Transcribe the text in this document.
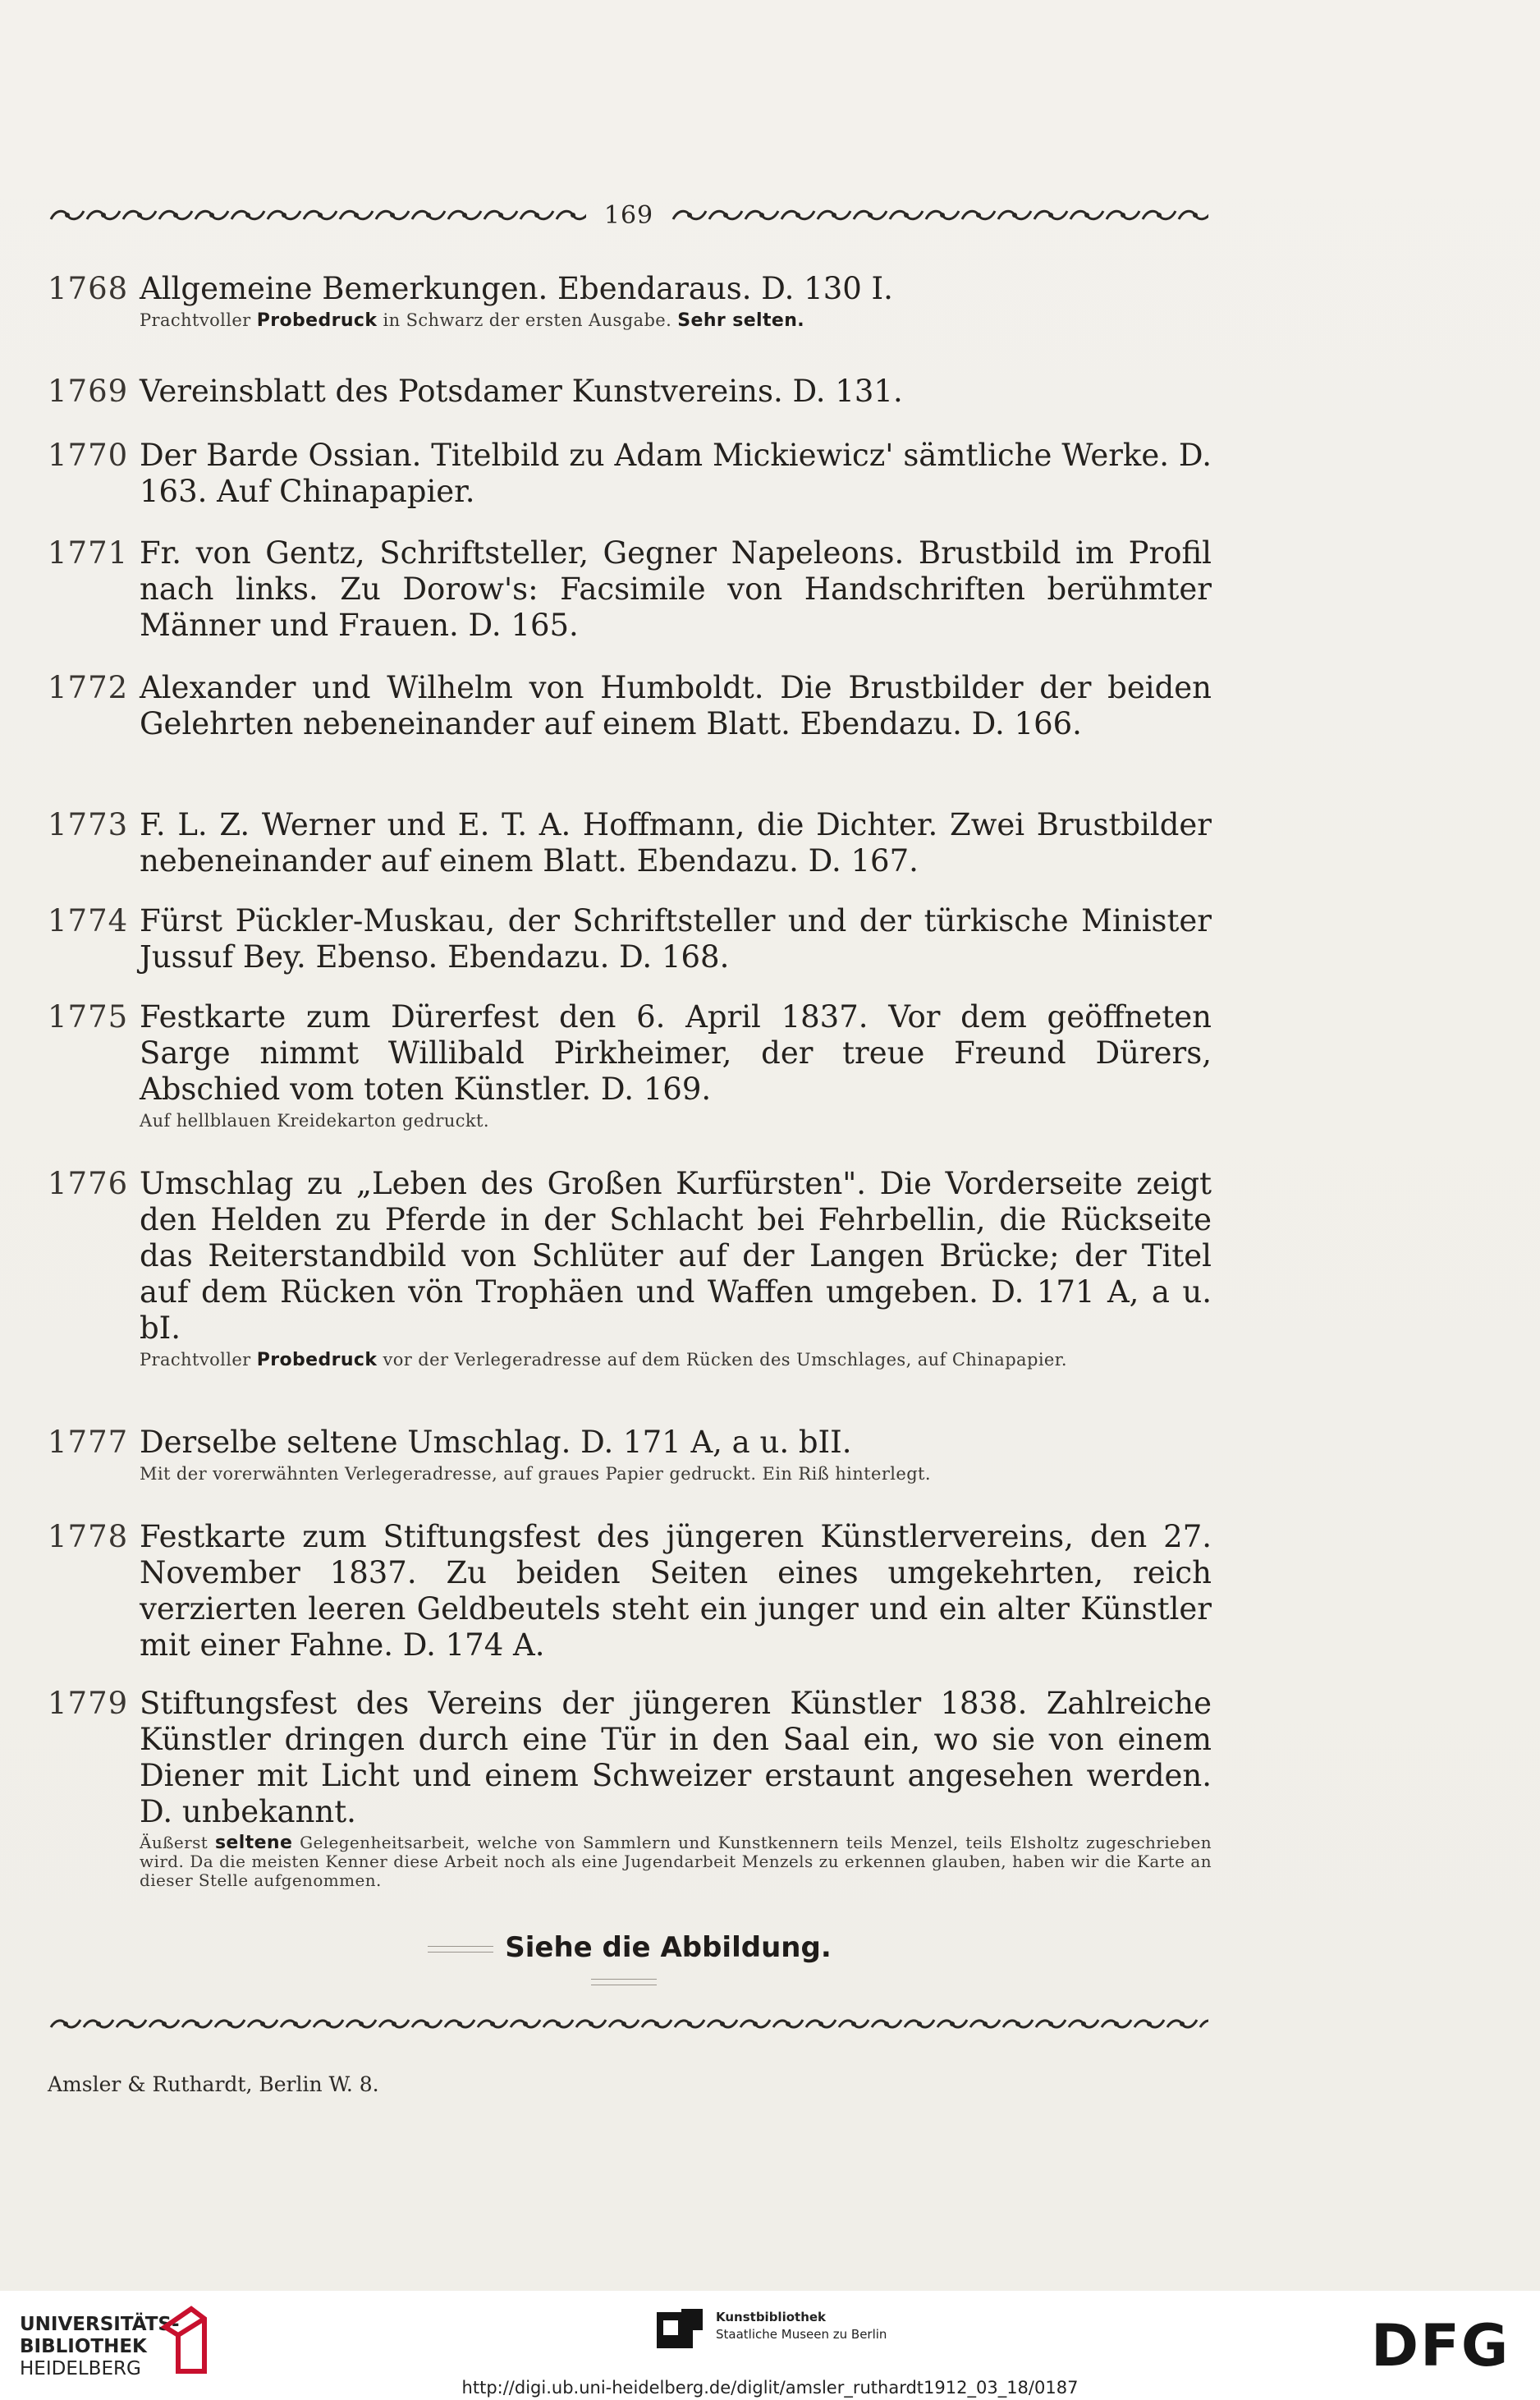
169
1768 Allgemeine Bemerkungen. Ebendaraus. D. 130 I.
Prachtvoller Probedruck in Schwarz der ersten Ausgabe. Sehr selten.
1769 Vereinsblatt des Potsdamer Kunstvereins. D. 131.
1770 Der Barde Ossian. Titelbild zu Adam Mickiewicz' sämtliche Werke. D. 163. Auf Chinapapier.
1771 Fr. von Gentz, Schriftsteller, Gegner Napeleons. Brustbild im Profil nach links. Zu Dorow's: Facsimile von Handschriften berühmter Männer und Frauen. D. 165.
1772 Alexander und Wilhelm von Humboldt. Die Brustbilder der beiden Gelehrten nebeneinander auf einem Blatt. Ebendazu. D. 166.
1773 F. L. Z. Werner und E. T. A. Hoffmann, die Dichter. Zwei Brustbilder nebeneinander auf einem Blatt. Ebendazu. D. 167.
1774 Fürst Pückler-Muskau, der Schriftsteller und der türkische Minister Jussuf Bey. Ebenso. Ebendazu. D. 168.
1775 Festkarte zum Dürerfest den 6. April 1837. Vor dem geöffneten Sarge nimmt Willibald Pirkheimer, der treue Freund Dürers, Abschied vom toten Künstler. D. 169.
Auf hellblauen Kreidekarton gedruckt.
1776 Umschlag zu „Leben des Großen Kurfürsten". Die Vorderseite zeigt den Helden zu Pferde in der Schlacht bei Fehrbellin, die Rückseite das Reiterstandbild von Schlüter auf der Langen Brücke; der Titel auf dem Rücken vön Trophäen und Waffen umgeben. D. 171 A, a u. bI.
Prachtvoller Probedruck vor der Verlegeradresse auf dem Rücken des Umschlages, auf Chinapapier.
1777 Derselbe seltene Umschlag. D. 171 A, a u. bII.
Mit der vorerwähnten Verlegeradresse, auf graues Papier gedruckt. Ein Riß hinterlegt.
1778 Festkarte zum Stiftungsfest des jüngeren Künstlervereins, den 27. November 1837. Zu beiden Seiten eines umgekehrten, reich verzierten leeren Geldbeutels steht ein junger und ein alter Künstler mit einer Fahne. D. 174 A.
1779 Stiftungsfest des Vereins der jüngeren Künstler 1838. Zahlreiche Künstler dringen durch eine Tür in den Saal ein, wo sie von einem Diener mit Licht und einem Schweizer erstaunt angesehen werden. D. unbekannt.
Äußerst seltene Gelegenheitsarbeit, welche von Sammlern und Kunstkennern teils Menzel, teils Elsholtz zugeschrieben wird. Da die meisten Kenner diese Arbeit noch als eine Jugendarbeit Menzels zu erkennen glauben, haben wir die Karte an dieser Stelle aufgenommen.
Siehe die Abbildung.
Amsler & Ruthardt, Berlin W. 8.
UNIVERSITÄTS-
BIBLIOTHEK
HEIDELBERG
Kunstbibliothek
Staatliche Museen zu Berlin	DFG
http://digi.ub.uni-heidelberg.de/diglit/amsler_ruthardt1912_03_18/0187
